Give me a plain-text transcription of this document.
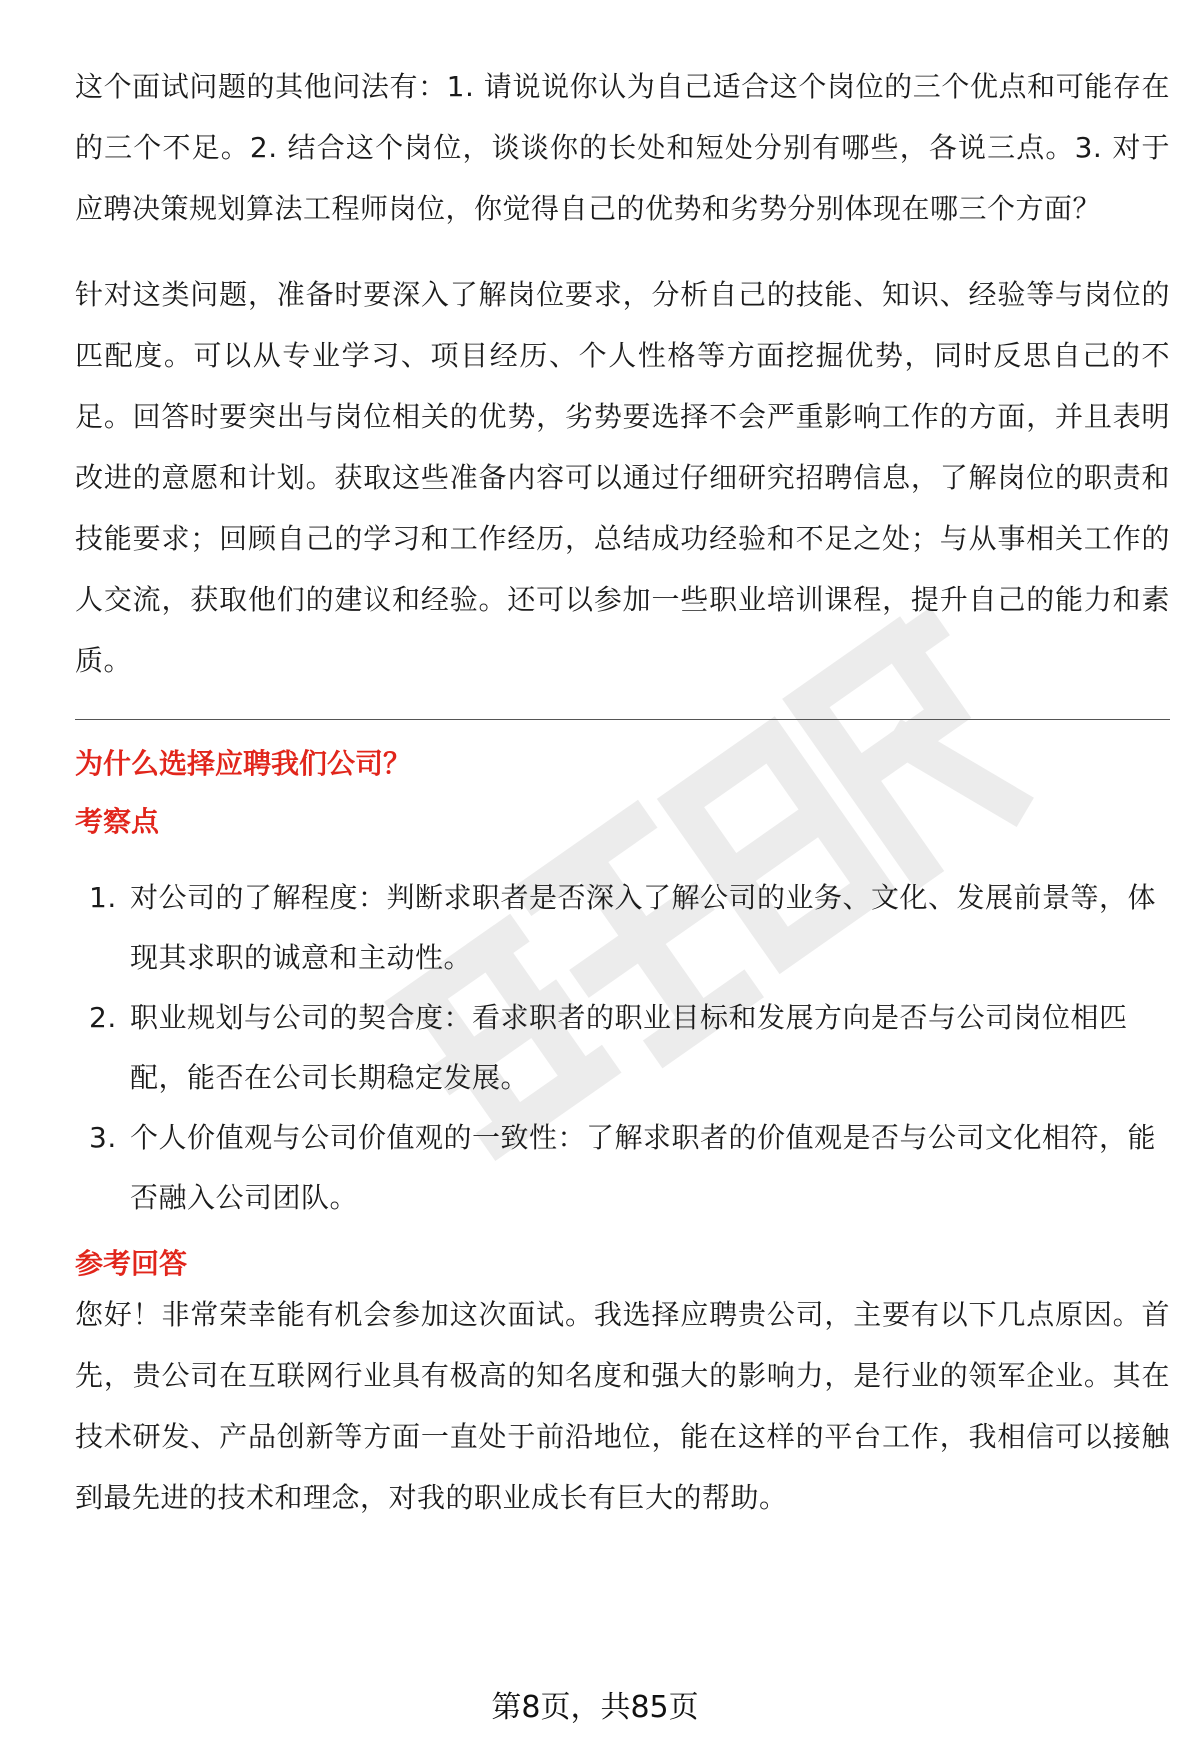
这个面试问题的其他问法有：1. 请说说你认为自己适合这个岗位的三个优点和可能存在的三个不足。2. 结合这个岗位，谈谈你的长处和短处分别有哪些，各说三点。3. 对于应聘决策规划算法工程师岗位，你觉得自己的优势和劣势分别体现在哪三个方面？

针对这类问题，准备时要深入了解岗位要求，分析自己的技能、知识、经验等与岗位的匹配度。可以从专业学习、项目经历、个人性格等方面挖掘优势，同时反思自己的不足。回答时要突出与岗位相关的优势，劣势要选择不会严重影响工作的方面，并且表明改进的意愿和计划。获取这些准备内容可以通过仔细研究招聘信息，了解岗位的职责和技能要求；回顾自己的学习和工作经历，总结成功经验和不足之处；与从事相关工作的人交流，获取他们的建议和经验。还可以参加一些职业培训课程，提升自己的能力和素质。

为什么选择应聘我们公司？
考察点
1. 对公司的了解程度：判断求职者是否深入了解公司的业务、文化、发展前景等，体现其求职的诚意和主动性。
2. 职业规划与公司的契合度：看求职者的职业目标和发展方向是否与公司岗位相匹配，能否在公司长期稳定发展。
3. 个人价值观与公司价值观的一致性：了解求职者的价值观是否与公司文化相符，能否融入公司团队。
参考回答

您好！非常荣幸能有机会参加这次面试。我选择应聘贵公司，主要有以下几点原因。首先，贵公司在互联网行业具有极高的知名度和强大的影响力，是行业的领军企业。其在技术研发、产品创新等方面一直处于前沿地位，能在这样的平台工作，我相信可以接触到最先进的技术和理念，对我的职业成长有巨大的帮助。

第8页，共85页
